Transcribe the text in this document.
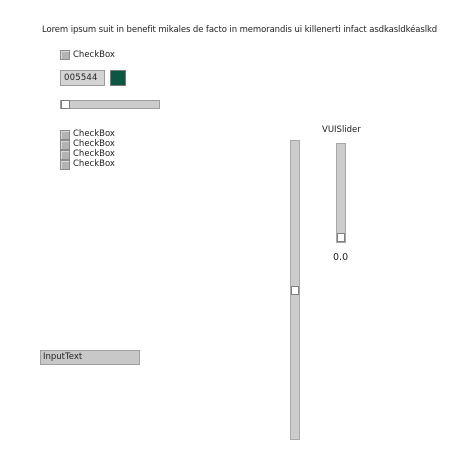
Lorem ipsum suit in benefit mikales de facto in memorandis ui killenerti infact asdkasldkéaslkd
CheckBox
005544
CheckBox
CheckBox
CheckBox
CheckBox
VUISlider
0.0
InputText
